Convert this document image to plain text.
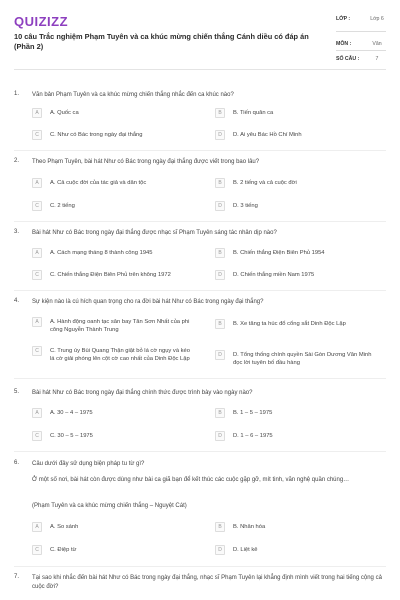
QUIZIZZ
10 câu Trắc nghiệm Phạm Tuyên và ca khúc mừng chiến thắng Cánh diều có đáp án (Phần 2)
LỚP :	Lớp 6
MÔN :	Văn
SỐ CÂU :	7
1. Văn bản Phạm Tuyên và ca khúc mừng chiến thắng nhắc đến ca khúc nào?
A	A. Quốc ca	B	B. Tiến quân ca
C	C. Như có Bác trong ngày đại thắng	D	D. Ai yêu Bác Hồ Chí Minh
2. Theo Phạm Tuyên, bài hát Như có Bác trong ngày đại thắng được viết trong bao lâu?
A	A. Cả cuộc đời của tác giả và dân tộc	B	B. 2 tiếng và cả cuộc đời
C	C. 2 tiếng	D	D. 3 tiếng
3. Bài hát Như có Bác trong ngày đại thắng được nhạc sĩ Phạm Tuyên sáng tác nhân dịp nào?
A	A. Cách mạng tháng 8 thành công 1945	B	B. Chiến thắng Điện Biên Phủ 1954
C	C. Chiến thắng Điện Biên Phủ trên không 1972	D	D. Chiến thắng miền Nam 1975
4. Sự kiện nào là cú hích quan trọng cho ra đời bài hát Như có Bác trong ngày đại thắng?
A	A. Hành động oanh tạc sân bay Tân Sơn Nhất của phi công Nguyễn Thành Trung
B	B. Xe tăng ta húc đổ cổng sắt Dinh Độc Lập
C	C. Trung úy Bùi Quang Thận giật bỏ lá cờ ngụy và kéo lá cờ giải phóng lên cột cờ cao nhất của Dinh Độc Lập
D	D. Tổng thống chính quyền Sài Gòn Dương Văn Minh đọc lời tuyên bố đầu hàng
5. Bài hát Như có Bác trong ngày đại thắng chính thức được trình bày vào ngày nào?
A	A. 30 – 4 – 1975	B	B. 1 – 5 – 1975
C	C. 30 – 5 – 1975	D	D. 1 – 6 – 1975
6. Câu dưới đây sử dụng biện pháp tu từ gì?
Ở một số nơi, bài hát còn được dùng như bài ca giã bạn để kết thúc các cuộc gặp gỡ, mít tinh, văn nghệ quần chúng…
(Phạm Tuyên và ca khúc mừng chiến thắng – Nguyệt Cát)
A	A. So sánh	B	B. Nhân hóa
C	C. Điệp từ	D	D. Liệt kê
7. Tại sao khi nhắc đến bài hát Như có Bác trong ngày đại thắng, nhạc sĩ Phạm Tuyên lại khẳng định mình viết trong hai tiếng cộng cả cuộc đời?
